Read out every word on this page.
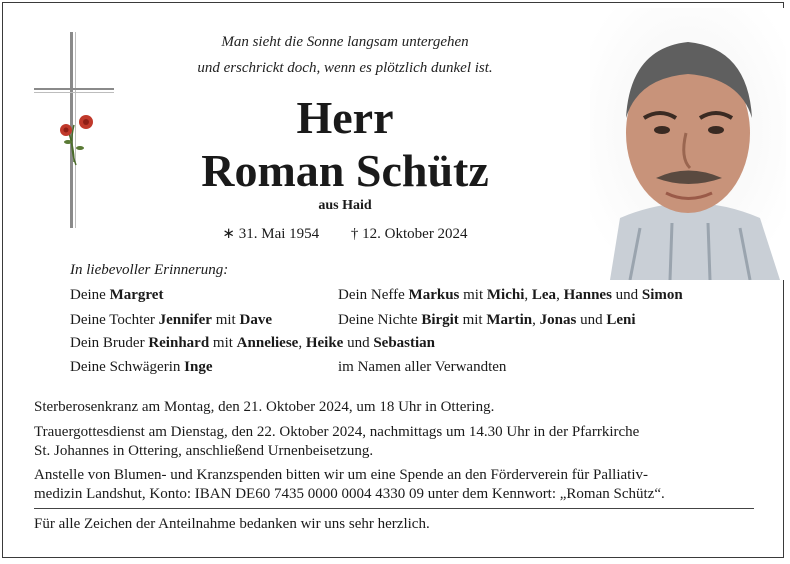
Man sieht die Sonne langsam untergehen
und erschrickt doch, wenn es plötzlich dunkel ist.
Herr
Roman Schütz
aus Haid
∗ 31. Mai 1954 † 12. Oktober 2024
In liebevoller Erinnerung:
Deine Margret
Deine Tochter Jennifer mit Dave
Dein Bruder Reinhard mit Anneliese, Heike und Sebastian
Deine Schwägerin Inge
Dein Neffe Markus mit Michi, Lea, Hannes und Simon
Deine Nichte Birgit mit Martin, Jonas und Leni
im Namen aller Verwandten
Sterberosenkranz am Montag, den 21. Oktober 2024, um 18 Uhr in Ottering.
Trauergottesdienst am Dienstag, den 22. Oktober 2024, nachmittags um 14.30 Uhr in der Pfarrkirche
St. Johannes in Ottering, anschließend Urnenbeisetzung.
Anstelle von Blumen- und Kranzspenden bitten wir um eine Spende an den Förderverein für Palliativ-
medizin Landshut, Konto: IBAN DE60 7435 0000 0004 4330 09 unter dem Kennwort: „Roman Schütz“.
Für alle Zeichen der Anteilnahme bedanken wir uns sehr herzlich.
